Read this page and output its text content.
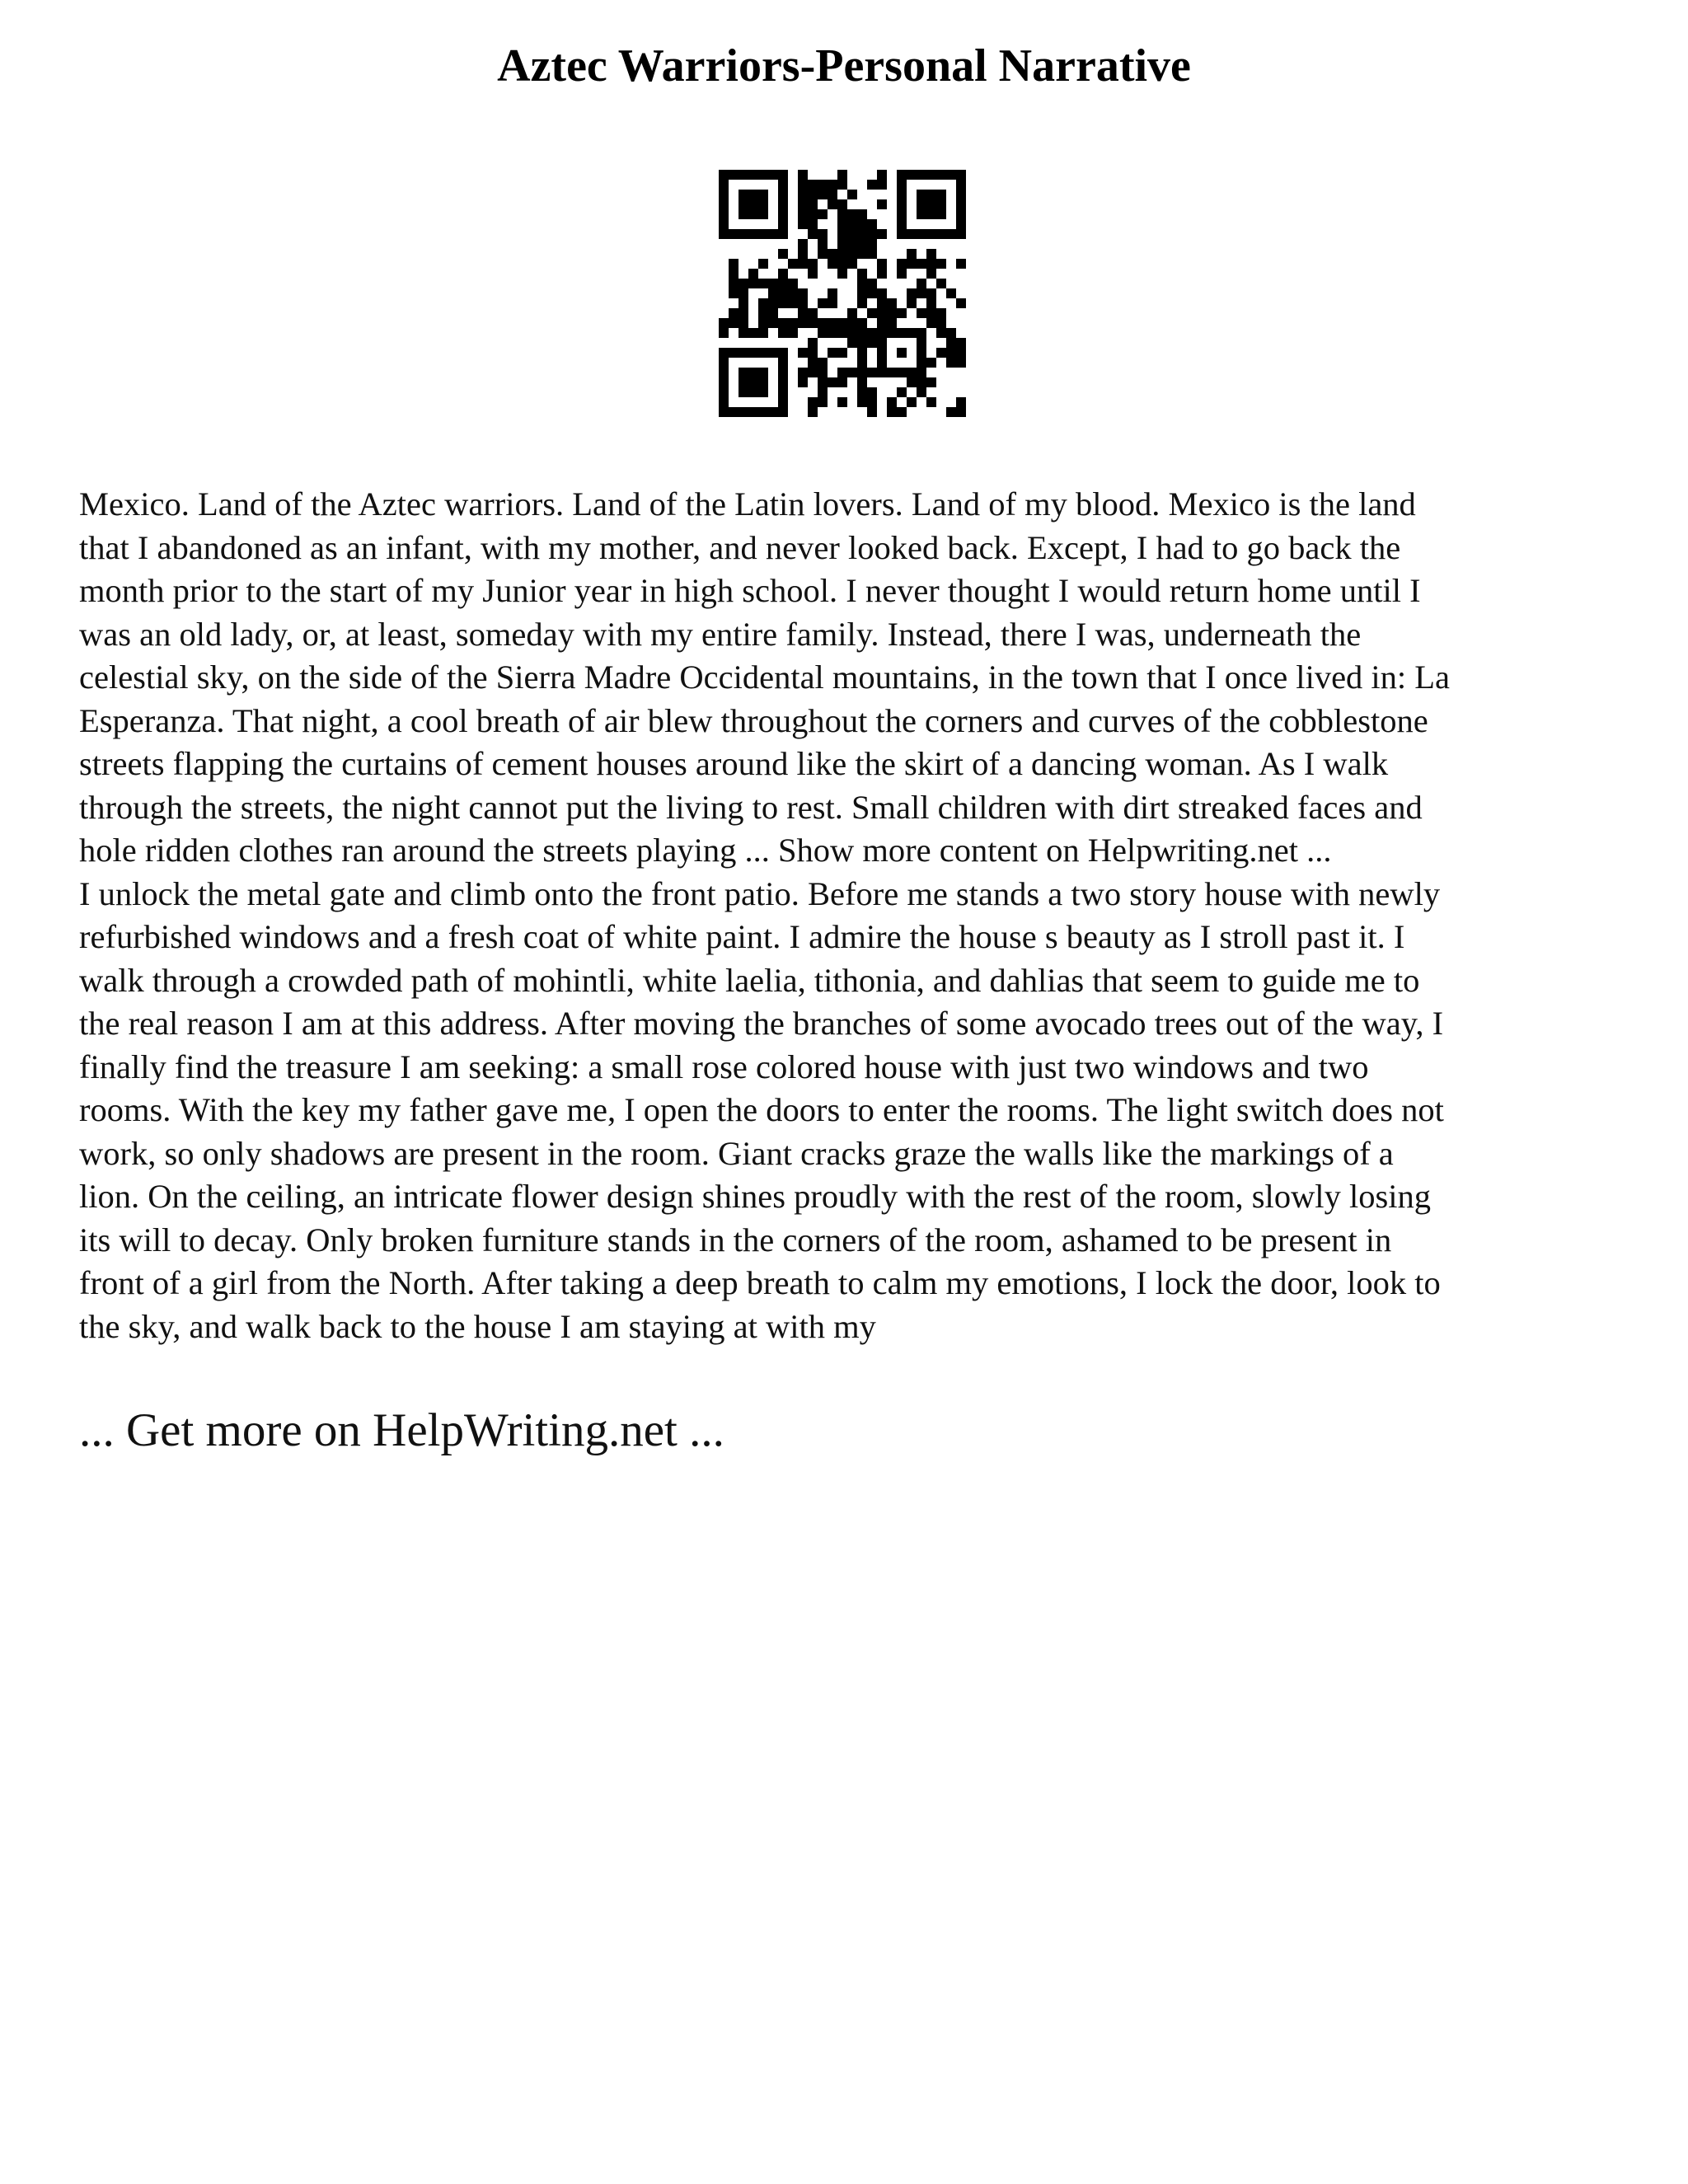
Aztec Warriors-Personal Narrative

Mexico. Land of the Aztec warriors. Land of the Latin lovers. Land of my blood. Mexico is the land
that I abandoned as an infant, with my mother, and never looked back. Except, I had to go back the
month prior to the start of my Junior year in high school. I never thought I would return home until I
was an old lady, or, at least, someday with my entire family. Instead, there I was, underneath the
celestial sky, on the side of the Sierra Madre Occidental mountains, in the town that I once lived in: La
Esperanza. That night, a cool breath of air blew throughout the corners and curves of the cobblestone
streets flapping the curtains of cement houses around like the skirt of a dancing woman. As I walk
through the streets, the night cannot put the living to rest. Small children with dirt streaked faces and
hole ridden clothes ran around the streets playing ... Show more content on Helpwriting.net ...
I unlock the metal gate and climb onto the front patio. Before me stands a two story house with newly
refurbished windows and a fresh coat of white paint. I admire the house s beauty as I stroll past it. I
walk through a crowded path of mohintli, white laelia, tithonia, and dahlias that seem to guide me to
the real reason I am at this address. After moving the branches of some avocado trees out of the way, I
finally find the treasure I am seeking: a small rose colored house with just two windows and two
rooms. With the key my father gave me, I open the doors to enter the rooms. The light switch does not
work, so only shadows are present in the room. Giant cracks graze the walls like the markings of a
lion. On the ceiling, an intricate flower design shines proudly with the rest of the room, slowly losing
its will to decay. Only broken furniture stands in the corners of the room, ashamed to be present in
front of a girl from the North. After taking a deep breath to calm my emotions, I lock the door, look to
the sky, and walk back to the house I am staying at with my

... Get more on HelpWriting.net ...
